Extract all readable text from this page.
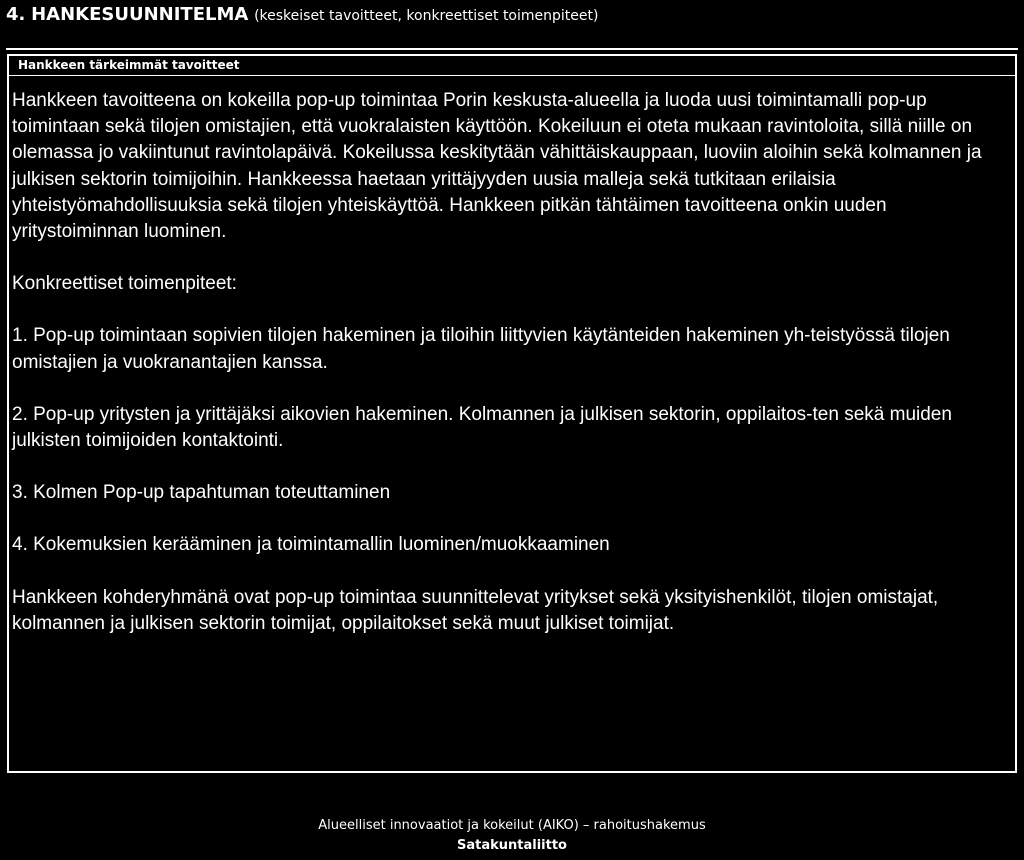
4. HANKESUUNNITELMA (keskeiset tavoitteet, konkreettiset toimenpiteet)
Hankkeen tärkeimmät tavoitteet

Hankkeen tavoitteena on kokeilla pop-up toimintaa Porin keskusta-alueella ja luoda uusi toimintamalli pop-up toimintaan sekä tilojen omistajien, että vuokralaisten käyttöön. Kokeiluun ei oteta mukaan ravintoloita, sillä niille on olemassa jo vakiintunut ravintolapäivä. Kokeilussa keskitytään vähittäiskauppaan, luoviin aloihin sekä kolmannen ja julkisen sektorin toimijoihin. Hankkeessa haetaan yrittäjyyden uusia malleja sekä tutkitaan erilaisia yhteistyömahdollisuuksia sekä tilojen yhteiskäyttöä. Hankkeen pitkän tähtäimen tavoitteena onkin uuden yritystoiminnan luominen.

Konkreettiset toimenpiteet:

1. Pop-up toimintaan sopivien tilojen hakeminen ja tiloihin liittyvien käytänteiden hakeminen yh-teistyössä tilojen omistajien ja vuokranantajien kanssa.

2. Pop-up yritysten ja yrittäjäksi aikovien hakeminen. Kolmannen ja julkisen sektorin, oppilaitos-ten sekä muiden julkisten toimijoiden kontaktointi.

3. Kolmen Pop-up tapahtuman toteuttaminen

4. Kokemuksien kerääminen ja toimintamallin luominen/muokkaaminen

Hankkeen kohderyhmänä ovat pop-up toimintaa suunnittelevat yritykset sekä yksityishenkilöt, tilojen omistajat, kolmannen ja julkisen sektorin toimijat, oppilaitokset sekä muut julkiset toimijat.

Alueelliset innovaatiot ja kokeilut (AIKO) – rahoitushakemus
Satakuntaliitto
